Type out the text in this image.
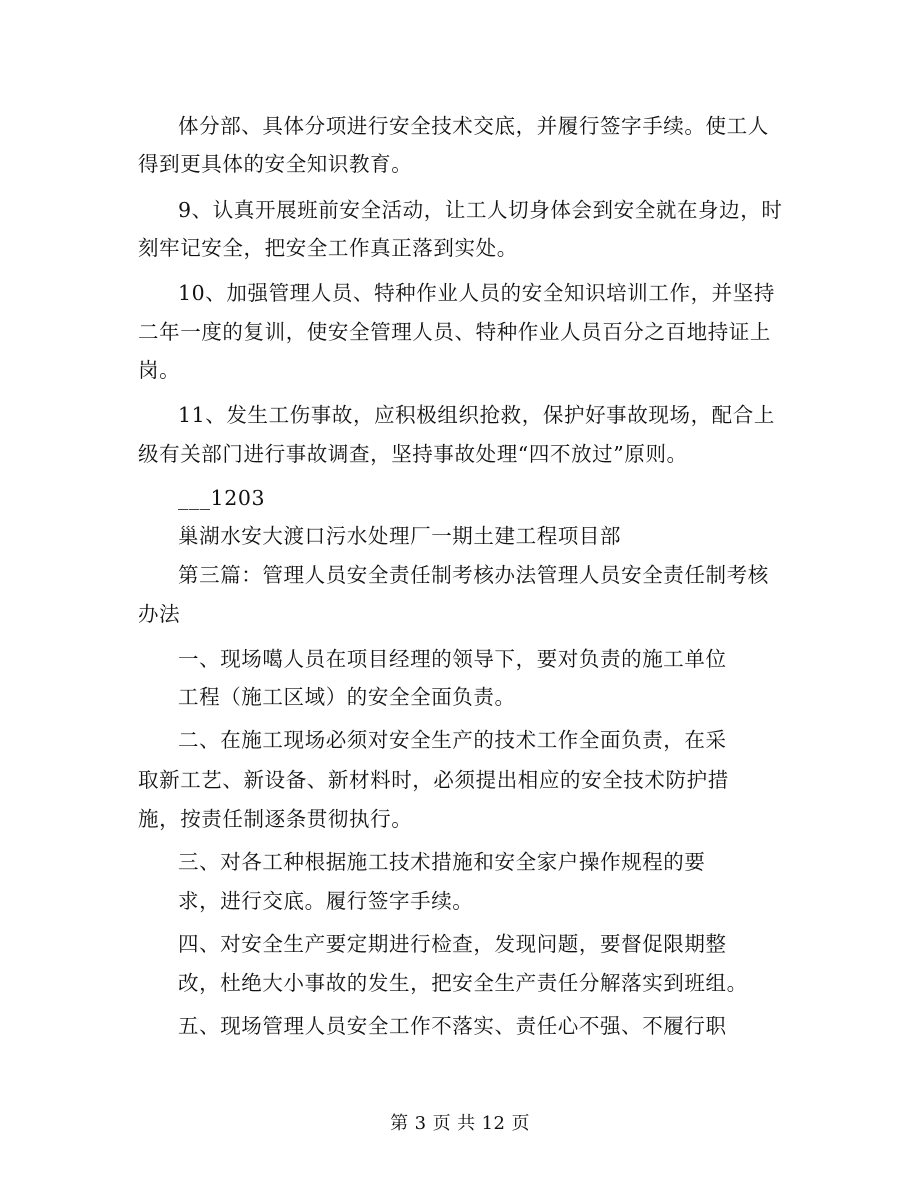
体分部、具体分项进行安全技术交底，并履行签字手续。使工人
得到更具体的安全知识教育。
9、认真开展班前安全活动，让工人切身体会到安全就在身边，时
刻牢记安全，把安全工作真正落到实处。
10、加强管理人员、特种作业人员的安全知识培训工作，并坚持
二年一度的复训，使安全管理人员、特种作业人员百分之百地持证上
岗。
11、发生工伤事故，应积极组织抢救，保护好事故现场，配合上
级有关部门进行事故调查，坚持事故处理“四不放过”原则。
___1203
巢湖水安大渡口污水处理厂一期土建工程项目部
第三篇：管理人员安全责任制考核办法管理人员安全责任制考核
办法
一、现场噶人员在项目经理的领导下，要对负责的施工单位
工程（施工区域）的安全全面负责。
二、在施工现场必须对安全生产的技术工作全面负责，在采
取新工艺、新设备、新材料时，必须提出相应的安全技术防护措
施，按责任制逐条贯彻执行。
三、对各工种根据施工技术措施和安全家户操作规程的要
求，进行交底。履行签字手续。
四、对安全生产要定期进行检查，发现问题，要督促限期整
改，杜绝大小事故的发生，把安全生产责任分解落实到班组。
五、现场管理人员安全工作不落实、责任心不强、不履行职
第 3 页 共 12 页
